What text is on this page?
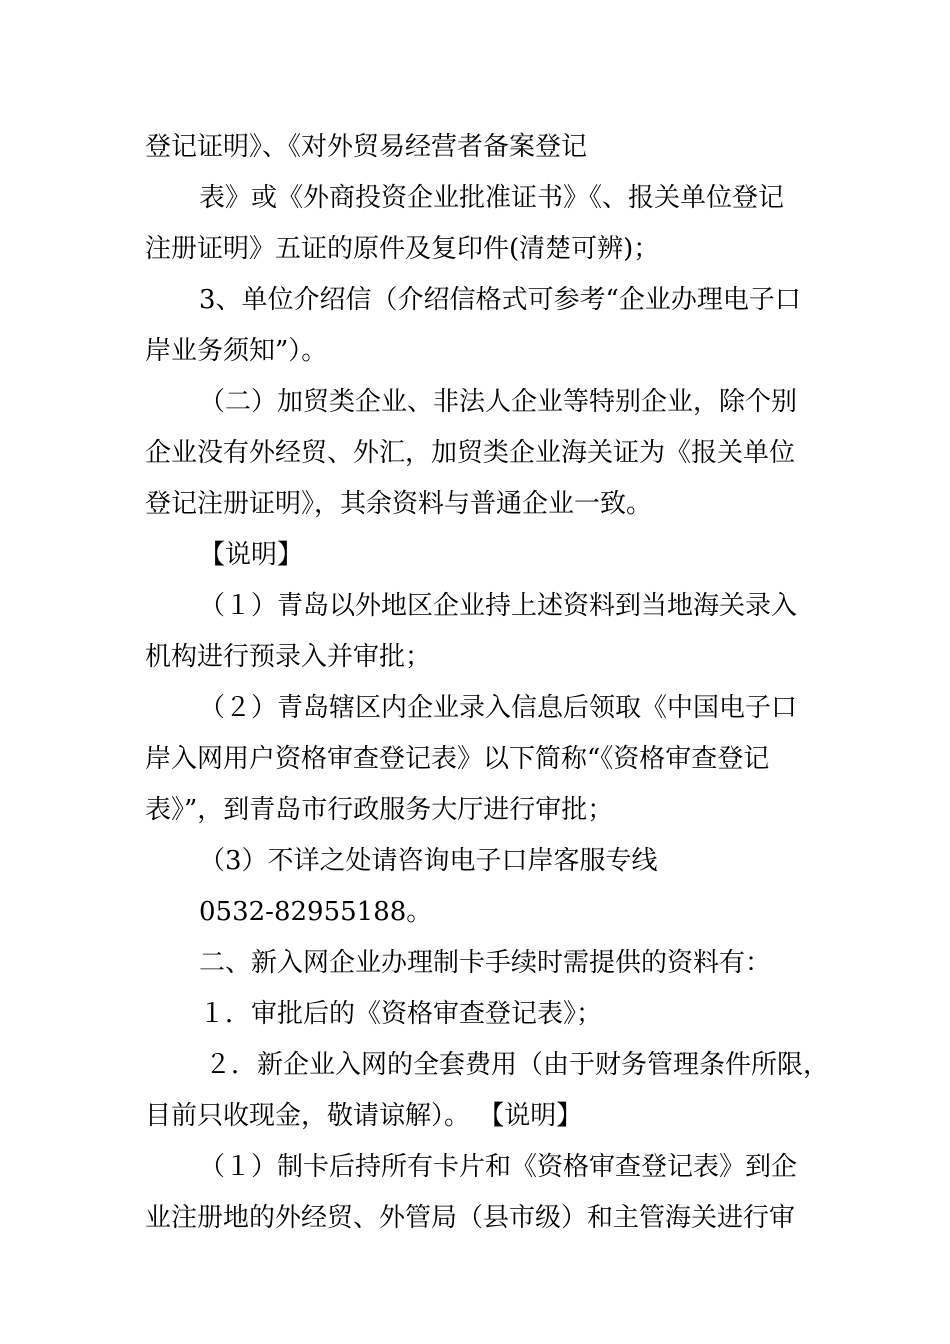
登记证明》、《对外贸易经营者备案登记
表》或《外商投资企业批准证书》《、报关单位登记
注册证明》五证的原件及复印件(清楚可辨)；
3、单位介绍信（介绍信格式可参考“企业办理电子口
岸业务须知”）。
（二）加贸类企业、非法人企业等特别企业，除个别
企业没有外经贸、外汇，加贸类企业海关证为《报关单位
登记注册证明》，其余资料与普通企业一致。
【说明】
（１）青岛以外地区企业持上述资料到当地海关录入
机构进行预录入并审批；
（２）青岛辖区内企业录入信息后领取《中国电子口
岸入网用户资格审查登记表》以下简称“《资格审查登记
表》”，到青岛市行政服务大厅进行审批；
（3）不详之处请咨询电子口岸客服专线
0532-82955188。
二、新入网企业办理制卡手续时需提供的资料有：
１．审批后的《资格审查登记表》；
２．新企业入网的全套费用（由于财务管理条件所限，
目前只收现金，敬请谅解）。 【说明】
（１）制卡后持所有卡片和《资格审查登记表》到企
业注册地的外经贸、外管局（县市级）和主管海关进行审
